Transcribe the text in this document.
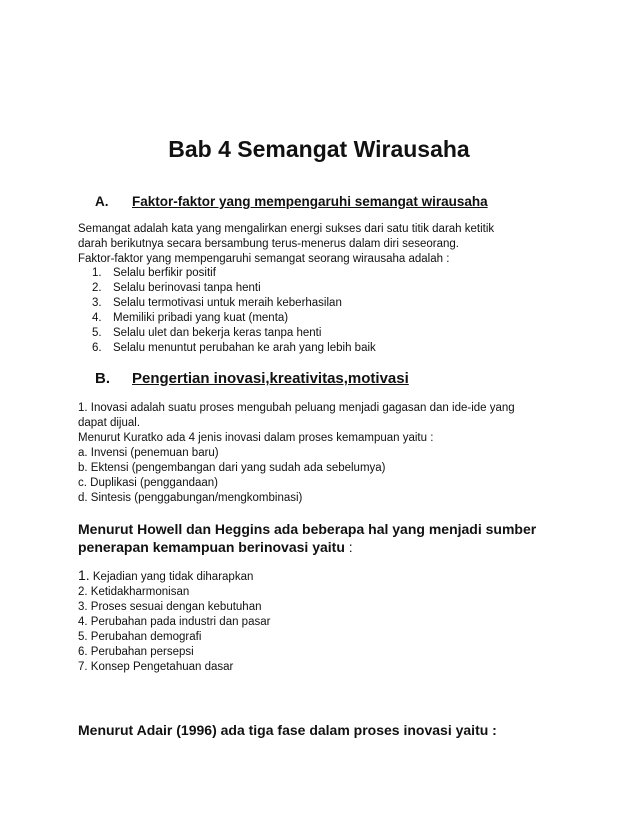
Bab 4 Semangat Wirausaha
A. Faktor-faktor yang mempengaruhi semangat wirausaha

Semangat adalah kata yang mengalirkan energi sukses dari satu titik darah ketitik

darah berikutnya secara bersambung terus-menerus dalam diri seseorang.

Faktor-faktor yang mempengaruhi semangat seorang wirausaha adalah :

1. Selalu berfikir positif
2. Selalu berinovasi tanpa henti
3. Selalu termotivasi untuk meraih keberhasilan
4. Memiliki pribadi yang kuat (menta)
5. Selalu ulet dan bekerja keras tanpa henti
6. Selalu menuntut perubahan ke arah yang lebih baik
B. Pengertian inovasi,kreativitas,motivasi

1. Inovasi adalah suatu proses mengubah peluang menjadi gagasan dan ide-ide yang

dapat dijual.

Menurut Kuratko ada 4 jenis inovasi dalam proses kemampuan yaitu :

a. Invensi (penemuan baru)

b. Ektensi (pengembangan dari yang sudah ada sebelumya)

c. Duplikasi (penggandaan)

d. Sintesis (penggabungan/mengkombinasi)

Menurut Howell dan Heggins ada beberapa hal yang menjadi sumber
penerapan kemampuan berinovasi yaitu :

1. Kejadian yang tidak diharapkan

2. Ketidakharmonisan

3. Proses sesuai dengan kebutuhan

4. Perubahan pada industri dan pasar

5. Perubahan demografi

6. Perubahan persepsi

7. Konsep Pengetahuan dasar

Menurut Adair (1996) ada tiga fase dalam proses inovasi yaitu :
